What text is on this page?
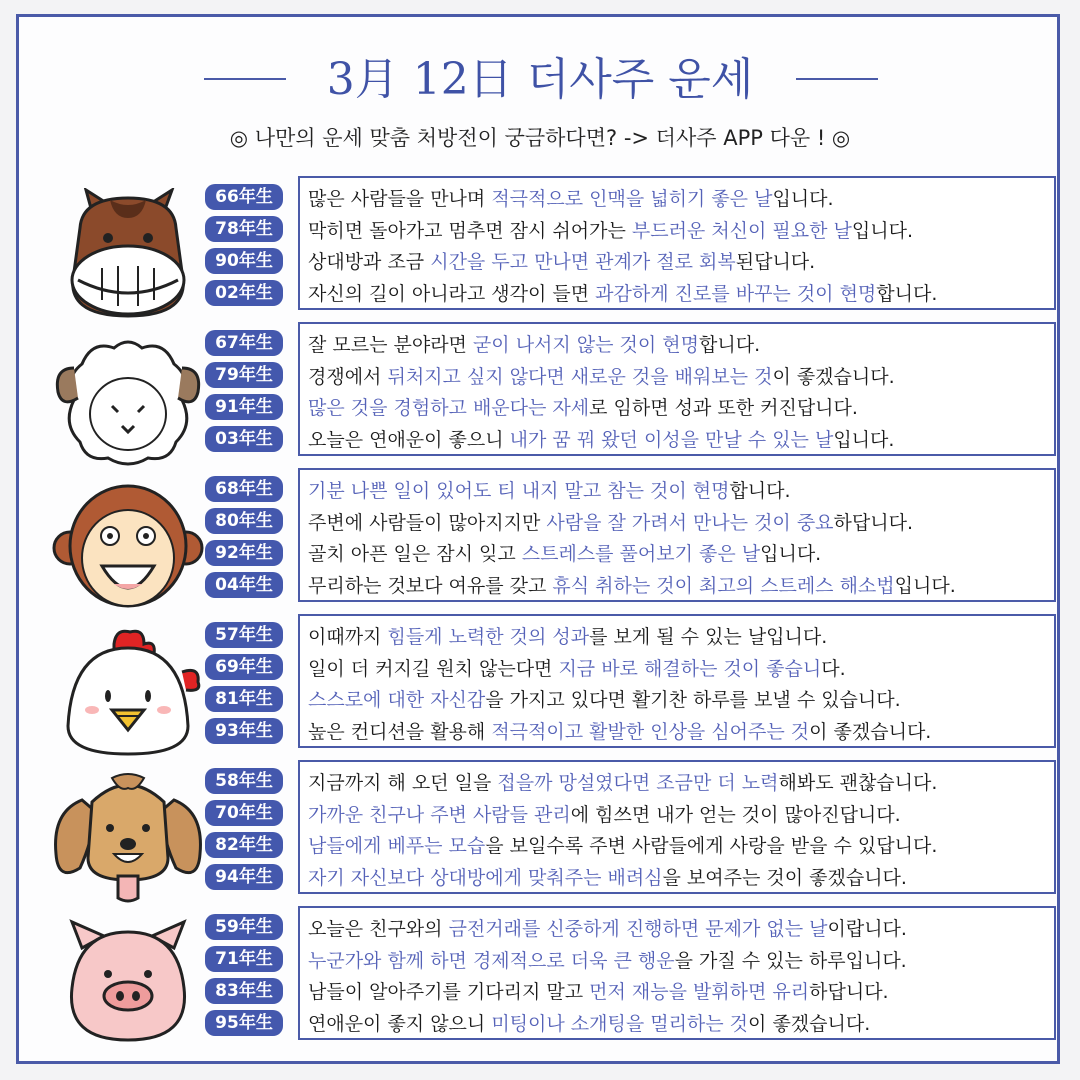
3月 12日 더사주 운세
◎ 나만의 운세 맞춤 처방전이 궁금하다면? -> 더사주 APP 다운 ! ◎
66年生
78年生
90年生
02年生
많은 사람들을 만나며 적극적으로 인맥을 넓히기 좋은 날입니다.
막히면 돌아가고 멈추면 잠시 쉬어가는 부드러운 처신이 필요한 날입니다.
상대방과 조금 시간을 두고 만나면 관계가 절로 회복된답니다.
자신의 길이 아니라고 생각이 들면 과감하게 진로를 바꾸는 것이 현명합니다.
67年生
79年生
91年生
03年生
잘 모르는 분야라면 굳이 나서지 않는 것이 현명합니다.
경쟁에서 뒤처지고 싶지 않다면 새로운 것을 배워보는 것이 좋겠습니다.
많은 것을 경험하고 배운다는 자세로 임하면 성과 또한 커진답니다.
오늘은 연애운이 좋으니 내가 꿈 꿔 왔던 이성을 만날 수 있는 날입니다.
68年生
80年生
92年生
04年生
기분 나쁜 일이 있어도 티 내지 말고 참는 것이 현명합니다.
주변에 사람들이 많아지지만 사람을 잘 가려서 만나는 것이 중요하답니다.
골치 아픈 일은 잠시 잊고 스트레스를 풀어보기 좋은 날입니다.
무리하는 것보다 여유를 갖고 휴식 취하는 것이 최고의 스트레스 해소법입니다.
57年生
69年生
81年生
93年生
이때까지 힘들게 노력한 것의 성과를 보게 될 수 있는 날입니다.
일이 더 커지길 원치 않는다면 지금 바로 해결하는 것이 좋습니다.
스스로에 대한 자신감을 가지고 있다면 활기찬 하루를 보낼 수 있습니다.
높은 컨디션을 활용해 적극적이고 활발한 인상을 심어주는 것이 좋겠습니다.
58年生
70年生
82年生
94年生
지금까지 해 오던 일을 접을까 망설였다면 조금만 더 노력해봐도 괜찮습니다.
가까운 친구나 주변 사람들 관리에 힘쓰면 내가 얻는 것이 많아진답니다.
남들에게 베푸는 모습을 보일수록 주변 사람들에게 사랑을 받을 수 있답니다.
자기 자신보다 상대방에게 맞춰주는 배려심을 보여주는 것이 좋겠습니다.
59年生
71年生
83年生
95年生
오늘은 친구와의 금전거래를 신중하게 진행하면 문제가 없는 날이랍니다.
누군가와 함께 하면 경제적으로 더욱 큰 행운을 가질 수 있는 하루입니다.
남들이 알아주기를 기다리지 말고 먼저 재능을 발휘하면 유리하답니다.
연애운이 좋지 않으니 미팅이나 소개팅을 멀리하는 것이 좋겠습니다.
